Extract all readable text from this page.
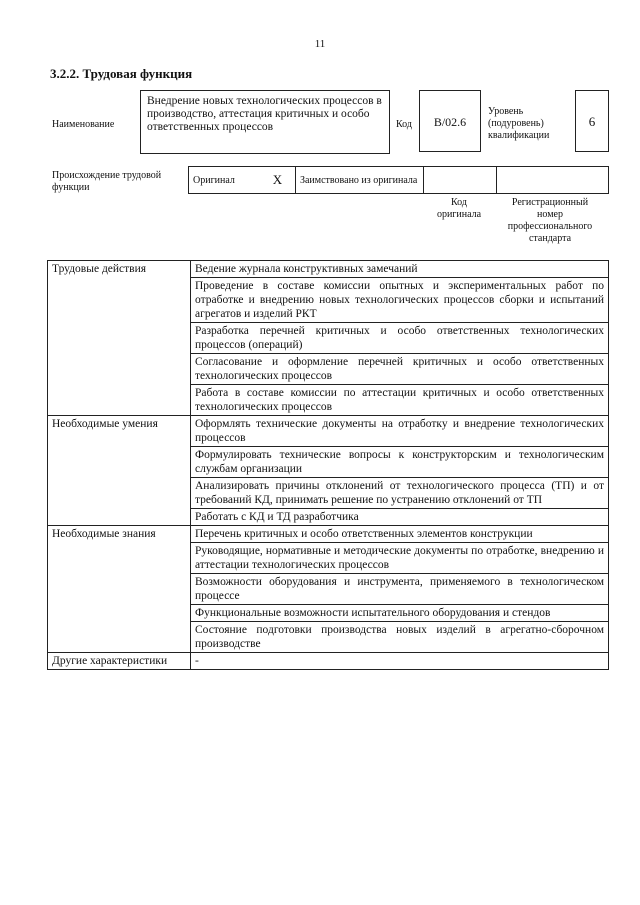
11
3.2.2. Трудовая функция
Наименование
Внедрение новых технологических процессов в производство, аттестация критичных и особо ответственных процессов	Код	В/02.6
Уровень (подуровень) квалификации
6
Происхождение трудовой функции
Оригинал	X	Заимствовано из оригинала		
Код оригинала
Регистрационный номер профессионального стандарта
Трудовые действия	Ведение журнала конструктивных замечаний
	Проведение в составе комиссии опытных и экспериментальных работ по отработке и внедрению новых технологических процессов сборки и испытаний агрегатов и изделий РКТ
	Разработка перечней критичных и особо ответственных технологических процессов (операций)
	Согласование и оформление перечней критичных и особо ответственных технологических процессов
	Работа в составе комиссии по аттестации критичных и особо ответственных технологических процессов
Необходимые умения	Оформлять технические документы на отработку и внедрение технологических процессов
	Формулировать технические вопросы к конструкторским и технологическим службам организации
	Анализировать причины отклонений от технологического процесса (ТП) и от требований КД, принимать решение по устранению отклонений от ТП
	Работать с КД и ТД разработчика
Необходимые знания	Перечень критичных и особо ответственных элементов конструкции
	Руководящие, нормативные и методические документы по отработке, внедрению и аттестации технологических процессов
	Возможности оборудования и инструмента, применяемого в технологическом процессе
	Функциональные возможности испытательного оборудования и стендов
	Состояние подготовки производства новых изделий в агрегатно-сборочном производстве
Другие характеристики	-
